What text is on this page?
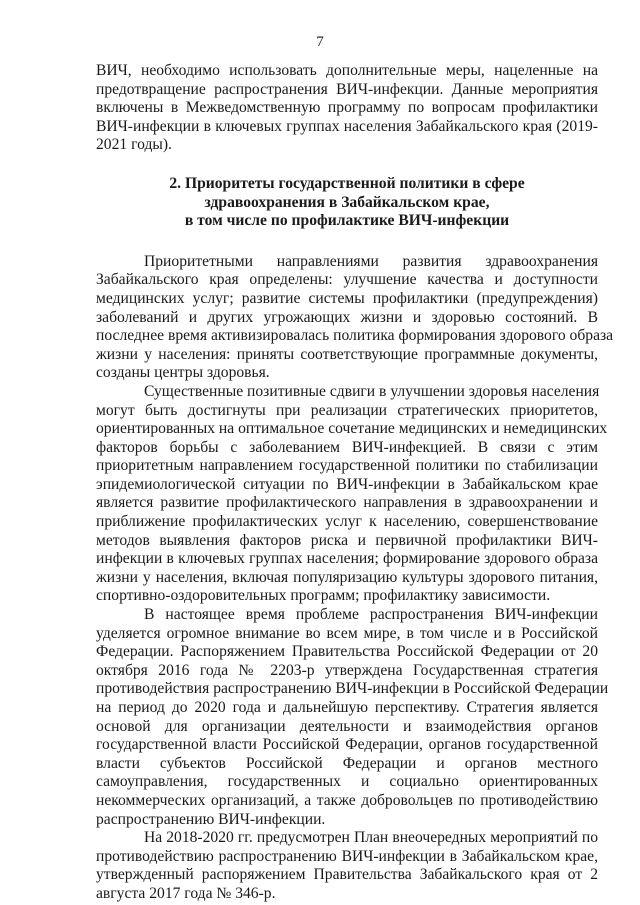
7
ВИЧ, необходимо использовать дополнительные меры, нацеленные на
предотвращение распространения ВИЧ-инфекции. Данные мероприятия
включены в Межведомственную программу по вопросам профилактики
ВИЧ-инфекции в ключевых группах населения Забайкальского края (2019-
2021 годы).
2. Приоритеты государственной политики в сфере
здравоохранения в Забайкальском крае,
в том числе по профилактике ВИЧ-инфекции
Приоритетными направлениями развития здравоохранения
Забайкальского края определены: улучшение качества и доступности
медицинских услуг; развитие системы профилактики (предупреждения)
заболеваний и других угрожающих жизни и здоровью состояний. В
последнее время активизировалась политика формирования здорового образа
жизни у населения: приняты соответствующие программные документы,
созданы центры здоровья.
Существенные позитивные сдвиги в улучшении здоровья населения
могут быть достигнуты при реализации стратегических приоритетов,
ориентированных на оптимальное сочетание медицинских и немедицинских
факторов борьбы с заболеванием ВИЧ-инфекцией. В связи с этим
приоритетным направлением государственной политики по стабилизации
эпидемиологической ситуации по ВИЧ-инфекции в Забайкальском крае
является развитие профилактического направления в здравоохранении и
приближение профилактических услуг к населению, совершенствование
методов выявления факторов риска и первичной профилактики ВИЧ-
инфекции в ключевых группах населения; формирование здорового образа
жизни у населения, включая популяризацию культуры здорового питания,
спортивно-оздоровительных программ; профилактику зависимости.
В настоящее время проблеме распространения ВИЧ-инфекции
уделяется огромное внимание во всем мире, в том числе и в Российской
Федерации. Распоряжением Правительства Российской Федерации от 20
октября 2016 года № 2203-р утверждена Государственная стратегия
противодействия распространению ВИЧ-инфекции в Российской Федерации
на период до 2020 года и дальнейшую перспективу. Стратегия является
основой для организации деятельности и взаимодействия органов
государственной власти Российской Федерации, органов государственной
власти субъектов Российской Федерации и органов местного
самоуправления, государственных и социально ориентированных
некоммерческих организаций, а также добровольцев по противодействию
распространению ВИЧ-инфекции.
На 2018-2020 гг. предусмотрен План внеочередных мероприятий по
противодействию распространению ВИЧ-инфекции в Забайкальском крае,
утвержденный распоряжением Правительства Забайкальского края от 2
августа 2017 года № 346-р.
